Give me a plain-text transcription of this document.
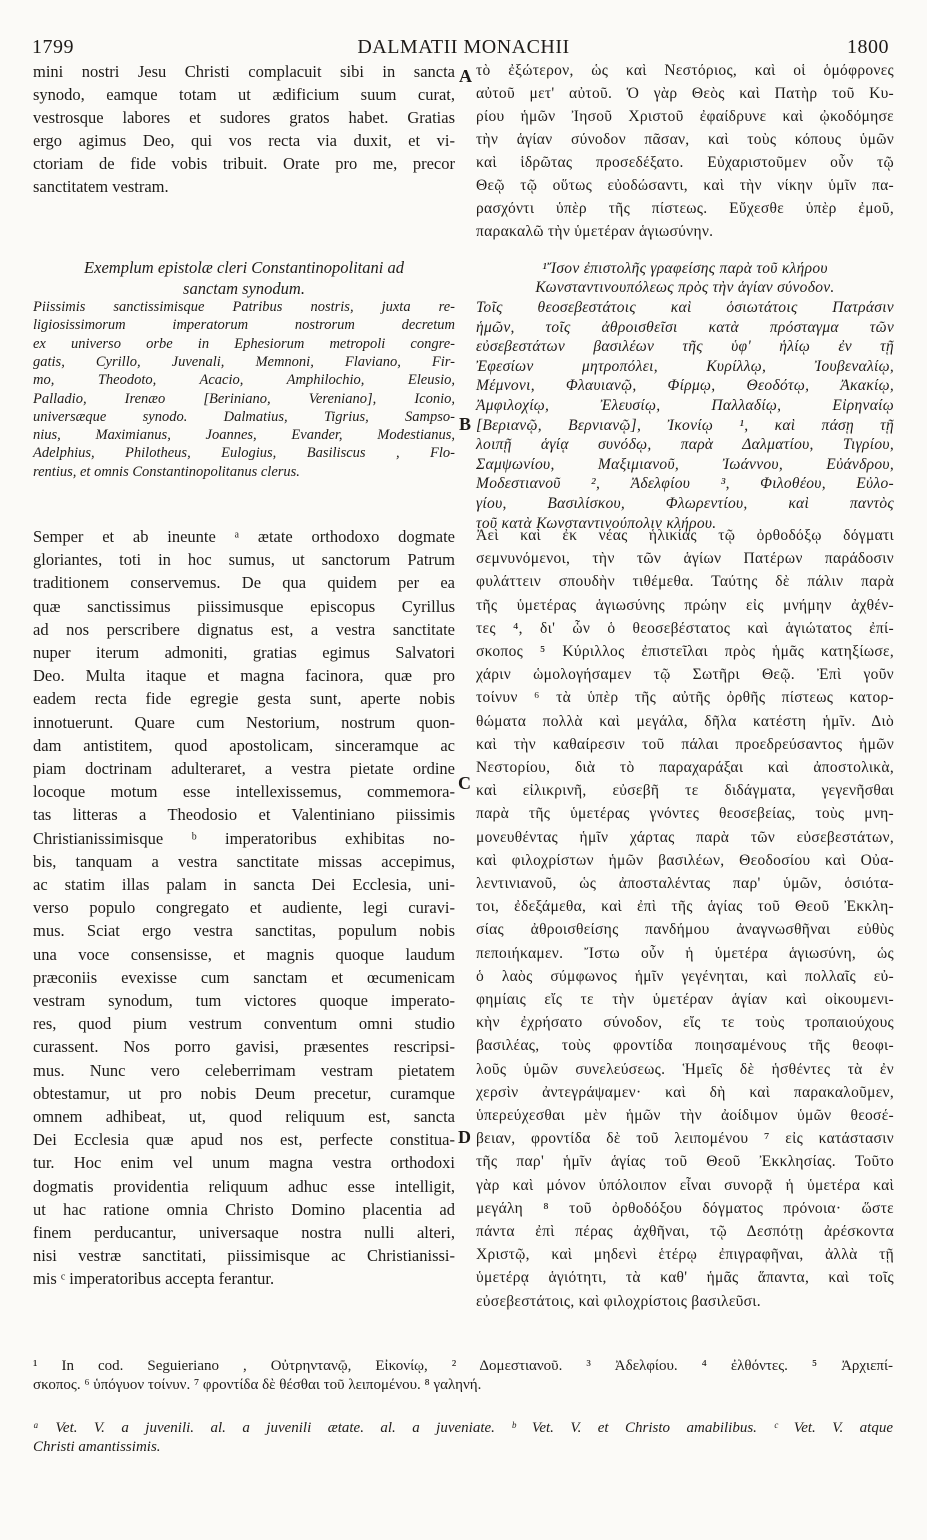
1799	DALMATII MONACHII	1800
mini nostri Jesu Christi complacuit sibi in sancta
synodo, eamque totam ut ædificium suum curat,
vestrosque labores et sudores gratos habet. Gratias
ergo agimus Deo, qui vos recta via duxit, et vi-
ctoriam de fide vobis tribuit. Orate pro me, precor
sanctitatem vestram.
Exemplum epistolæ cleri Constantinopolitani ad
sanctam synodum.
Piissimis sanctissimisque Patribus nostris, juxta re-
ligiosissimorum imperatorum nostrorum decretum
ex universo orbe in Ephesiorum metropoli congre-
gatis, Cyrillo, Juvenali, Memnoni, Flaviano, Fir-
mo, Theodoto, Acacio, Amphilochio, Eleusio,
Palladio, Irenæo [Beriniano, Vereniano], Iconio,
universæque synodo. Dalmatius, Tigrius, Sampso-
nius, Maximianus, Joannes, Evander, Modestianus,
Adelphius, Philotheus, Eulogius, Basiliscus , Flo-
rentius, et omnis Constantinopolitanus clerus.
Semper et ab ineunte ᵃ ætate orthodoxo dogmate
gloriantes, toti in hoc sumus, ut sanctorum Patrum
traditionem conservemus. De qua quidem per ea
quæ sanctissimus piissimusque episcopus Cyrillus
ad nos perscribere dignatus est, a vestra sanctitate
nuper iterum admoniti, gratias egimus Salvatori
Deo. Multa itaque et magna facinora, quæ pro
eadem recta fide egregie gesta sunt, aperte nobis
innotuerunt. Quare cum Nestorium, nostrum quon-
dam antistitem, quod apostolicam, sinceramque ac
piam doctrinam adulteraret, a vestra pietate ordine
locoque motum esse intellexissemus, commemora-
tas litteras a Theodosio et Valentiniano piissimis
Christianissimisque ᵇ imperatoribus exhibitas no-
bis, tanquam a vestra sanctitate missas accepimus,
ac statim illas palam in sancta Dei Ecclesia, uni-
verso populo congregato et audiente, legi curavi-
mus. Sciat ergo vestra sanctitas, populum nobis
una voce consensisse, et magnis quoque laudum
præconiis evexisse cum sanctam et œcumenicam
vestram synodum, tum victores quoque imperato-
res, quod pium vestrum conventum omni studio
curassent. Nos porro gavisi, præsentes rescripsi-
mus. Nunc vero celeberrimam vestram pietatem
obtestamur, ut pro nobis Deum precetur, curamque
omnem adhibeat, ut, quod reliquum est, sancta
Dei Ecclesia quæ apud nos est, perfecte constitua-
tur. Hoc enim vel unum magna vestra orthodoxi
dogmatis providentia reliquum adhuc esse intelligit,
ut hac ratione omnia Christo Domino placentia ad
finem perducantur, universaque nostra nulli alteri,
nisi vestræ sanctitati, piissimisque ac Christianissi-
mis ᶜ imperatoribus accepta ferantur.
τὸ ἐξώτερον, ὡς καὶ Νεστόριος, καὶ οἱ ὁμόφρονες
αὐτοῦ μετ' αὐτοῦ. Ὁ γὰρ Θεὸς καὶ Πατὴρ τοῦ Κυ-
ρίου ἡμῶν Ἰησοῦ Χριστοῦ ἐφαίδρυνε καὶ ᾠκοδόμησε
τὴν ἁγίαν σύνοδον πᾶσαν, καὶ τοὺς κόπους ὑμῶν
καὶ ἱδρῶτας προσεδέξατο. Εὐχαριστοῦμεν οὖν τῷ
Θεῷ τῷ οὕτως εὐοδώσαντι, καὶ τὴν νίκην ὑμῖν πα-
ρασχόντι ὑπὲρ τῆς πίστεως. Εὔχεσθε ὑπὲρ ἐμοῦ,
παρακαλῶ τὴν ὑμετέραν ἁγιωσύνην.
¹Ἴσον ἐπιστολῆς γραφείσης παρὰ τοῦ κλήρου
Κωνσταντινουπόλεως πρὸς τὴν ἁγίαν σύνοδον.
Τοῖς θεοσεβεστάτοις καὶ ὁσιωτάτοις Πατράσιν
ἡμῶν, τοῖς ἀθροισθεῖσι κατὰ πρόσταγμα τῶν
εὐσεβεστάτων βασιλέων τῆς ὑφ' ἡλίῳ ἐν τῇ
Ἐφεσίων μητροπόλει, Κυρίλλῳ, Ἰουβεναλίῳ,
Μέμνονι, Φλαυιανῷ, Φίρμῳ, Θεοδότῳ, Ἀκακίῳ,
Ἀμφιλοχίῳ, Ἐλευσίῳ, Παλλαδίῳ, Εἰρηναίῳ
[Βεριανῷ, Βερνιανῷ], Ἰκονίῳ ¹, καὶ πάσῃ τῇ
λοιπῇ ἁγίᾳ συνόδῳ, παρὰ Δαλματίου, Τιγρίου,
Σαμψωνίου, Μαξιμιανοῦ, Ἰωάννου, Εὐάνδρου,
Μοδεστιανοῦ ², Ἀδελφίου ³, Φιλοθέου, Εὐλο-
γίου, Βασιλίσκου, Φλωρεντίου, καὶ παντὸς
τοῦ κατὰ Κωνσταντινούπολιν κλήρου.
Ἀεὶ καὶ ἐκ νέας ἡλικίας τῷ ὀρθοδόξῳ δόγματι
σεμνυνόμενοι, τὴν τῶν ἁγίων Πατέρων παράδοσιν
φυλάττειν σπουδὴν τιθέμεθα. Ταύτης δὲ πάλιν παρὰ
τῆς ὑμετέρας ἁγιωσύνης πρώην εἰς μνήμην ἀχθέν-
τες ⁴, δι' ὧν ὁ θεοσεβέστατος καὶ ἁγιώτατος ἐπί-
σκοπος ⁵ Κύριλλος ἐπιστεῖλαι πρὸς ἡμᾶς κατηξίωσε,
χάριν ὡμολογήσαμεν τῷ Σωτῆρι Θεῷ. Ἐπὶ γοῦν
τοίνυν ⁶ τὰ ὑπὲρ τῆς αὐτῆς ὀρθῆς πίστεως κατορ-
θώματα πολλὰ καὶ μεγάλα, δῆλα κατέστη ἡμῖν. Διὸ
καὶ τὴν καθαίρεσιν τοῦ πάλαι προεδρεύσαντος ἡμῶν
Νεστορίου, διὰ τὸ παραχαράξαι καὶ ἀποστολικὰ,
καὶ εἰλικρινῆ, εὐσεβῆ τε διδάγματα, γεγενῆσθαι
παρὰ τῆς ὑμετέρας γνόντες θεοσεβείας, τοὺς μνη-
μονευθέντας ἡμῖν χάρτας παρὰ τῶν εὐσεβεστάτων,
καὶ φιλοχρίστων ἡμῶν βασιλέων, Θεοδοσίου καὶ Οὐα-
λεντινιανοῦ, ὡς ἀποσταλέντας παρ' ὑμῶν, ὁσιότα-
τοι, ἐδεξάμεθα, καὶ ἐπὶ τῆς ἁγίας τοῦ Θεοῦ Ἐκκλη-
σίας ἀθροισθείσης πανδήμου ἀναγνωσθῆναι εὐθὺς
πεποιήκαμεν. Ἴστω οὖν ἡ ὑμετέρα ἁγιωσύνη, ὡς
ὁ λαὸς σύμφωνος ἡμῖν γεγένηται, καὶ πολλαῖς εὐ-
φημίαις εἴς τε τὴν ὑμετέραν ἁγίαν καὶ οἰκουμενι-
κὴν ἐχρήσατο σύνοδον, εἴς τε τοὺς τροπαιούχους
βασιλέας, τοὺς φροντίδα ποιησαμένους τῆς θεοφι-
λοῦς ὑμῶν συνελεύσεως. Ἡμεῖς δὲ ἡσθέντες τὰ ἐν
χερσὶν ἀντεγράψαμεν· καὶ δὴ καὶ παρακαλοῦμεν,
ὑπερεύχεσθαι μὲν ἡμῶν τὴν ἀοίδιμον ὑμῶν θεοσέ-
βειαν, φροντίδα δὲ τοῦ λειπομένου ⁷ εἰς κατάστασιν
τῆς παρ' ἡμῖν ἁγίας τοῦ Θεοῦ Ἐκκλησίας. Τοῦτο
γὰρ καὶ μόνον ὑπόλοιπον εἶναι συνορᾷ ἡ ὑμετέρα καὶ
μεγάλη ⁸ τοῦ ὀρθοδόξου δόγματος πρόνοια· ὥστε
πάντα ἐπὶ πέρας ἀχθῆναι, τῷ Δεσπότῃ ἀρέσκοντα
Χριστῷ, καὶ μηδενὶ ἑτέρῳ ἐπιγραφῆναι, ἀλλὰ τῇ
ὑμετέρᾳ ἁγιότητι, τὰ καθ' ἡμᾶς ἅπαντα, καὶ τοῖς
εὐσεβεστάτοις, καὶ φιλοχρίστοις βασιλεῦσι.
A
B
C
D
¹ In cod. Seguieriano , Οὐτρηντανῷ, Εἰκονίῳ, ² Δομεστιανοῦ. ³ Ἀδελφίου. ⁴ ἐλθόντες. ⁵ Ἀρχιεπί-
σκοπος. ⁶ ὑπόγυον τοίνυν. ⁷ φροντίδα δὲ θέσθαι τοῦ λειπομένου. ⁸ γαληνή.
ᵃ Vet. V. a juvenili. al. a juvenili ætate. al. a juveniate. ᵇ Vet. V. et Christo amabilibus. ᶜ Vet. V. atque
Christi amantissimis.
